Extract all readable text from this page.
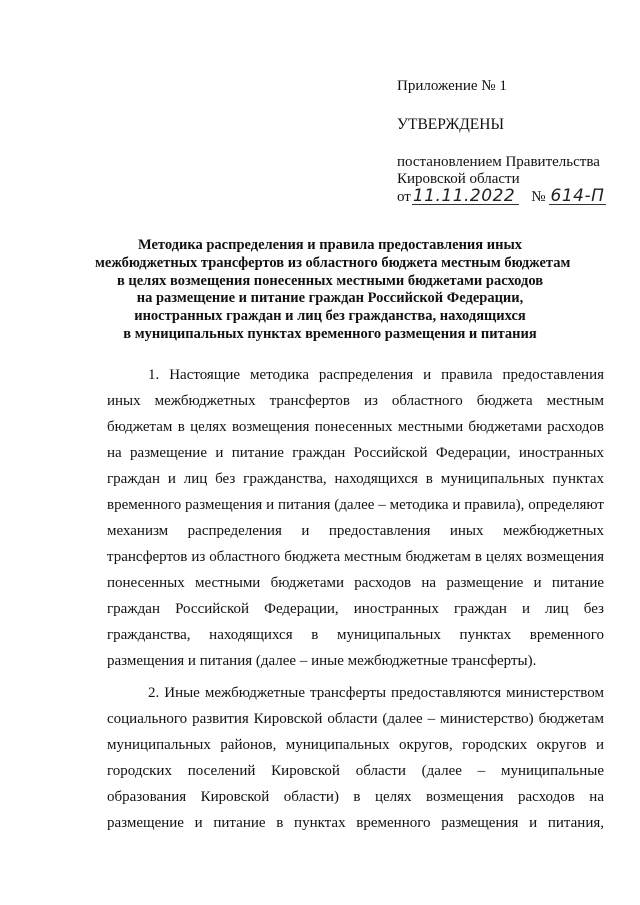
Приложение № 1

УТВЕРЖДЕНЫ

постановлением Правительства
Кировской области
от 11.11.2022 № 614-П
Методика распределения и правила предоставления иных
межбюджетных трансфертов из областного бюджета местным бюджетам
в целях возмещения понесенных местными бюджетами расходов
на размещение и питание граждан Российской Федерации,
иностранных граждан и лиц без гражданства, находящихся
в муниципальных пунктах временного размещения и питания

1. Настоящие методика распределения и правила предоставления иных межбюджетных трансфертов из областного бюджета местным бюджетам в целях возмещения понесенных местными бюджетами расходов на размещение и питание граждан Российской Федерации, иностранных граждан и лиц без гражданства, находящихся в муниципальных пунктах временного размещения и питания (далее – методика и правила), определяют механизм распределения и предоставления иных межбюджетных трансфертов из областного бюджета местным бюджетам в целях возмещения понесенных местными бюджетами расходов на размещение и питание граждан Российской Федерации, иностранных граждан и лиц без гражданства, находящихся в муниципальных пунктах временного размещения и питания (далее – иные межбюджетные трансферты).

2. Иные межбюджетные трансферты предоставляются министерством социального развития Кировской области (далее – министерство) бюджетам муниципальных районов, муниципальных округов, городских округов и городских поселений Кировской области (далее – муниципальные образования Кировской области) в целях возмещения расходов на размещение и питание в пунктах временного размещения и питания,
